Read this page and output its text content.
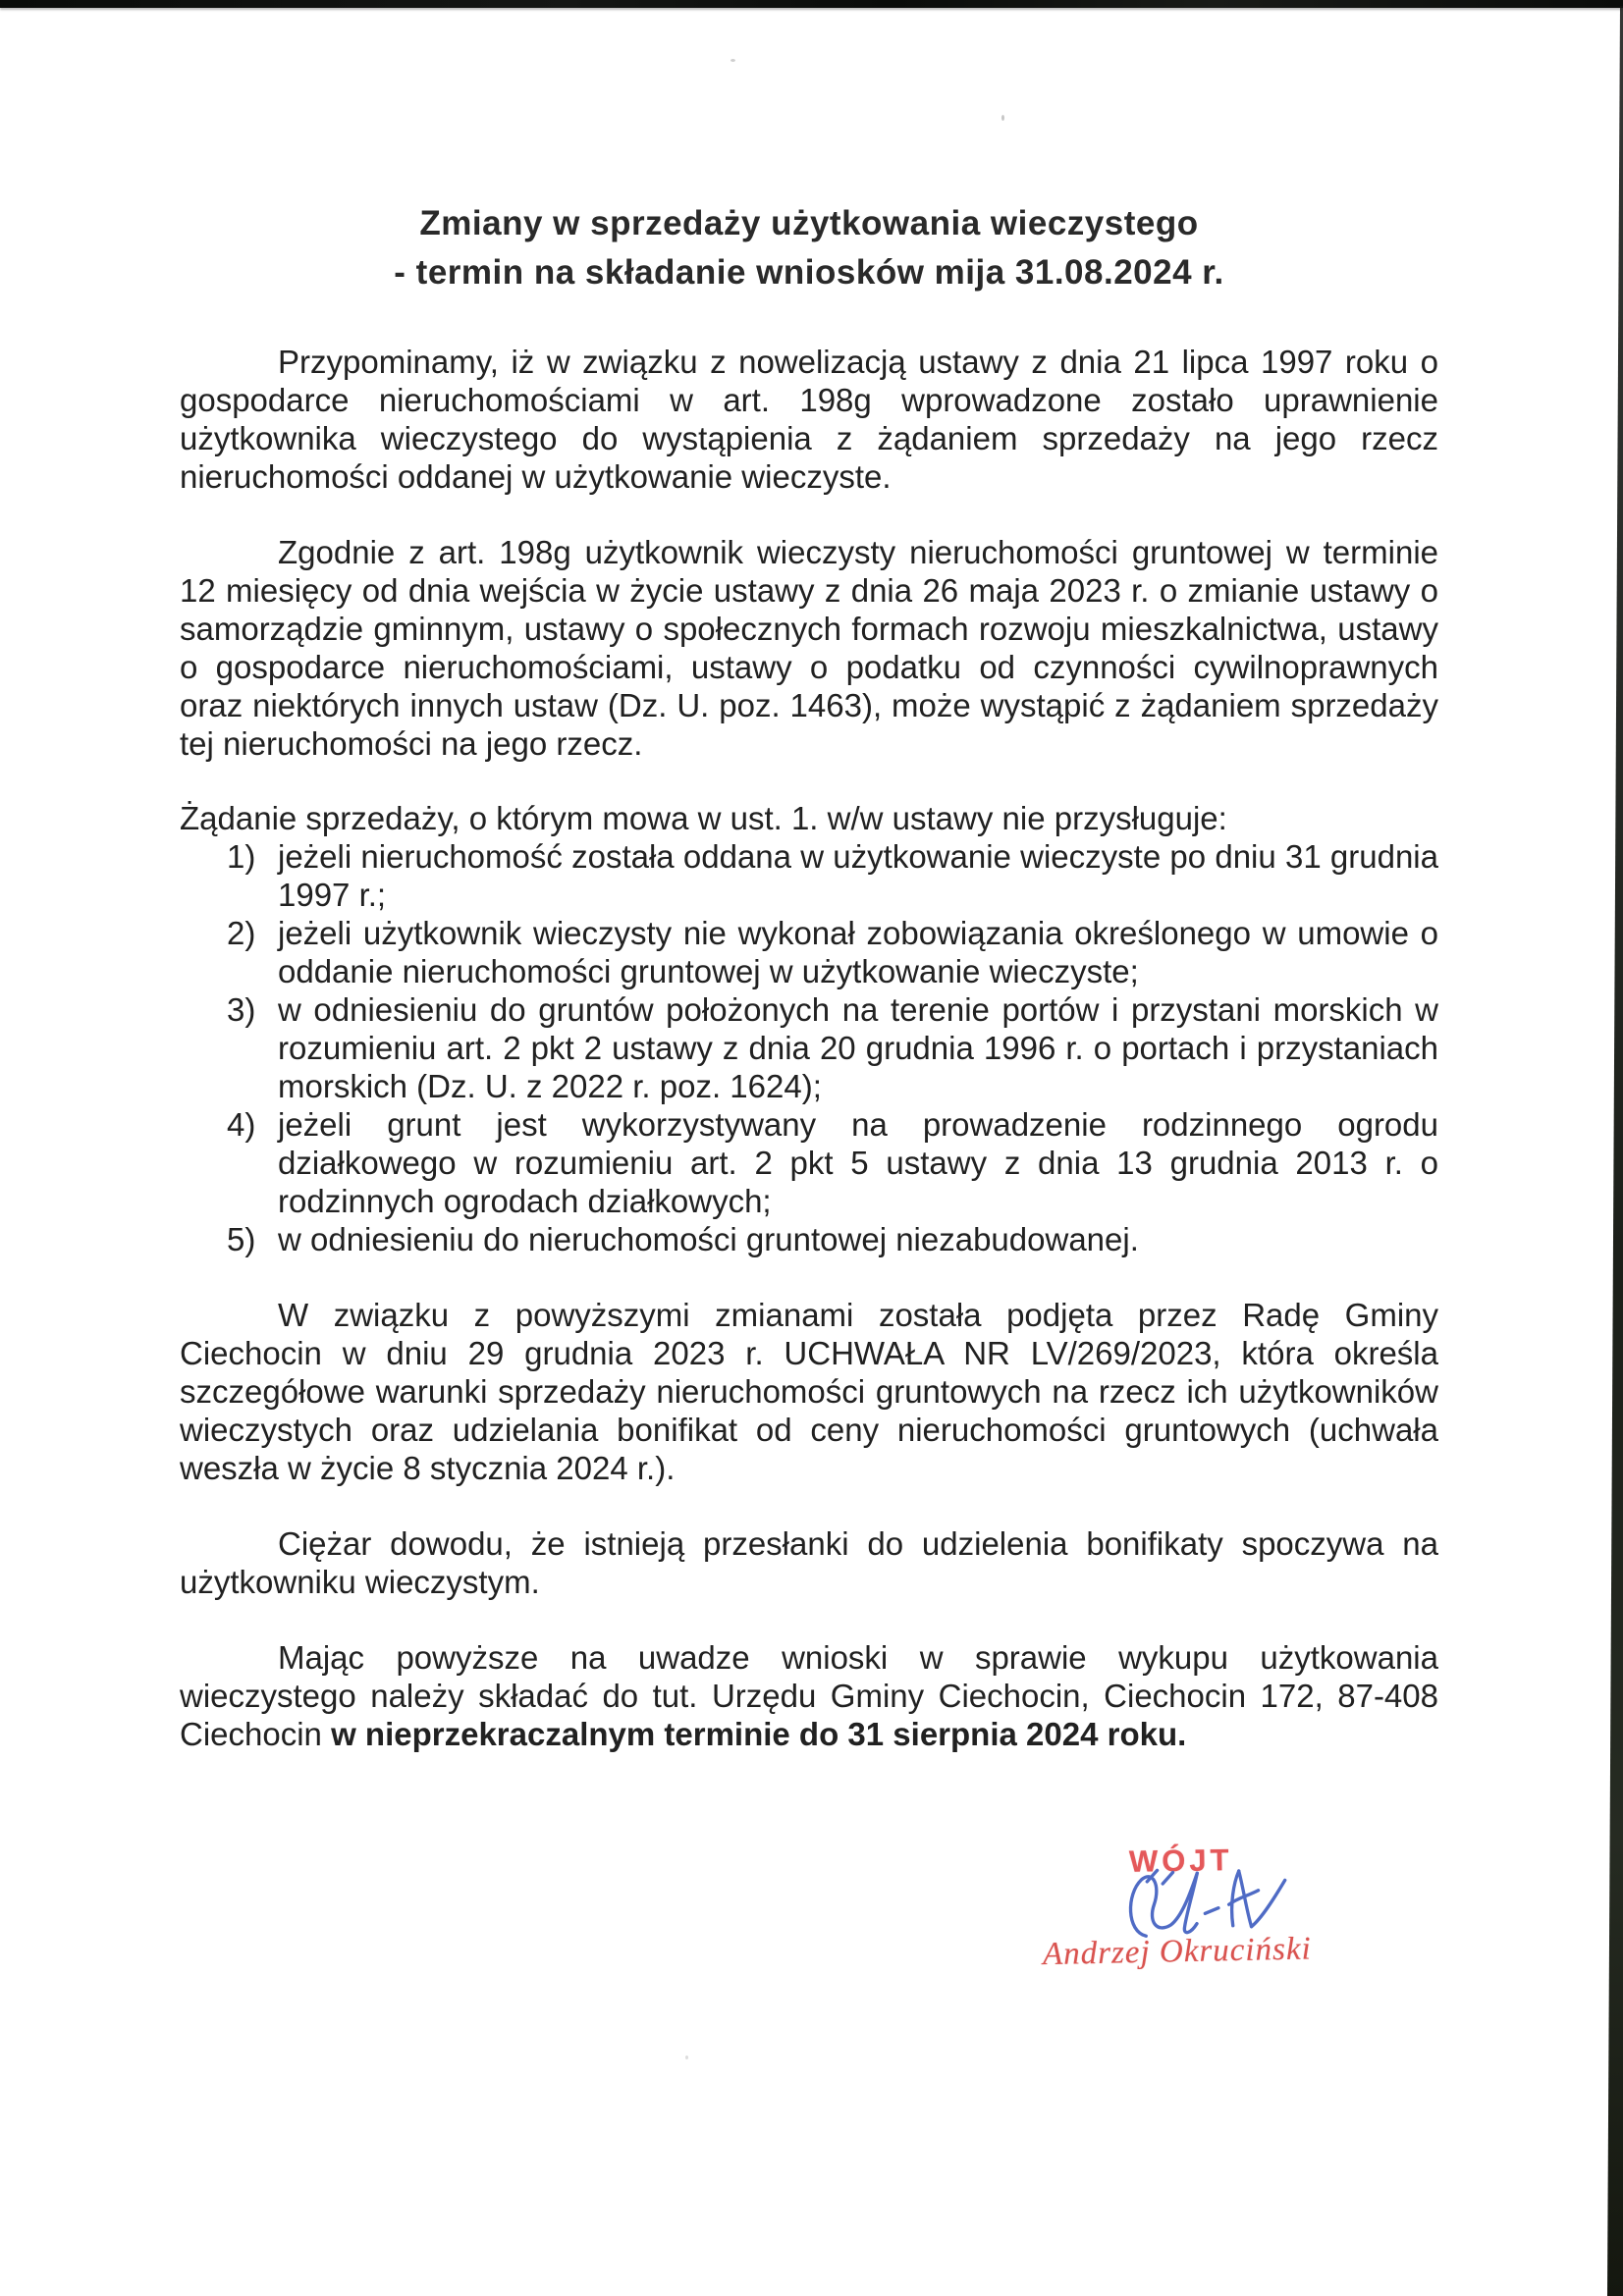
Zmiany w sprzedaży użytkowania wieczystego
- termin na składanie wniosków mija 31.08.2024 r.

Przypominamy, iż w związku z nowelizacją ustawy z dnia 21 lipca 1997 roku o gospodarce nieruchomościami w art. 198g wprowadzone zostało uprawnienie użytkownika wieczystego do wystąpienia z żądaniem sprzedaży na jego rzecz nieruchomości oddanej w użytkowanie wieczyste.

Zgodnie z art. 198g użytkownik wieczysty nieruchomości gruntowej w terminie 12 miesięcy od dnia wejścia w życie ustawy z dnia 26 maja 2023 r. o zmianie ustawy o samorządzie gminnym, ustawy o społecznych formach rozwoju mieszkalnictwa, ustawy o gospodarce nieruchomościami, ustawy o podatku od czynności cywilnoprawnych oraz niektórych innych ustaw (Dz. U. poz. 1463), może wystąpić z żądaniem sprzedaży tej nieruchomości na jego rzecz.

Żądanie sprzedaży, o którym mowa w ust. 1. w/w ustawy nie przysługuje:

1) jeżeli nieruchomość została oddana w użytkowanie wieczyste po dniu 31 grudnia 1997 r.;
2) jeżeli użytkownik wieczysty nie wykonał zobowiązania określonego w umowie o oddanie nieruchomości gruntowej w użytkowanie wieczyste;
3) w odniesieniu do gruntów położonych na terenie portów i przystani morskich w rozumieniu art. 2 pkt 2 ustawy z dnia 20 grudnia 1996 r. o portach i przystaniach morskich (Dz. U. z 2022 r. poz. 1624);
4) jeżeli grunt jest wykorzystywany na prowadzenie rodzinnego ogrodu działkowego w rozumieniu art. 2 pkt 5 ustawy z dnia 13 grudnia 2013 r. o rodzinnych ogrodach działkowych;
5) w odniesieniu do nieruchomości gruntowej niezabudowanej.

W związku z powyższymi zmianami została podjęta przez Radę Gminy Ciechocin w dniu 29 grudnia 2023 r. UCHWAŁA NR LV/269/2023, która określa szczegółowe warunki sprzedaży nieruchomości gruntowych na rzecz ich użytkowników wieczystych oraz udzielania bonifikat od ceny nieruchomości gruntowych (uchwała weszła w życie 8 stycznia 2024 r.).

Ciężar dowodu, że istnieją przesłanki do udzielenia bonifikaty spoczywa na użytkowniku wieczystym.

Mając powyższe na uwadze wnioski w sprawie wykupu użytkowania wieczystego należy składać do tut. Urzędu Gminy Ciechocin, Ciechocin 172, 87-408 Ciechocin w nieprzekraczalnym terminie do 31 sierpnia 2024 roku.

WÓJT
Andrzej Okruciński
